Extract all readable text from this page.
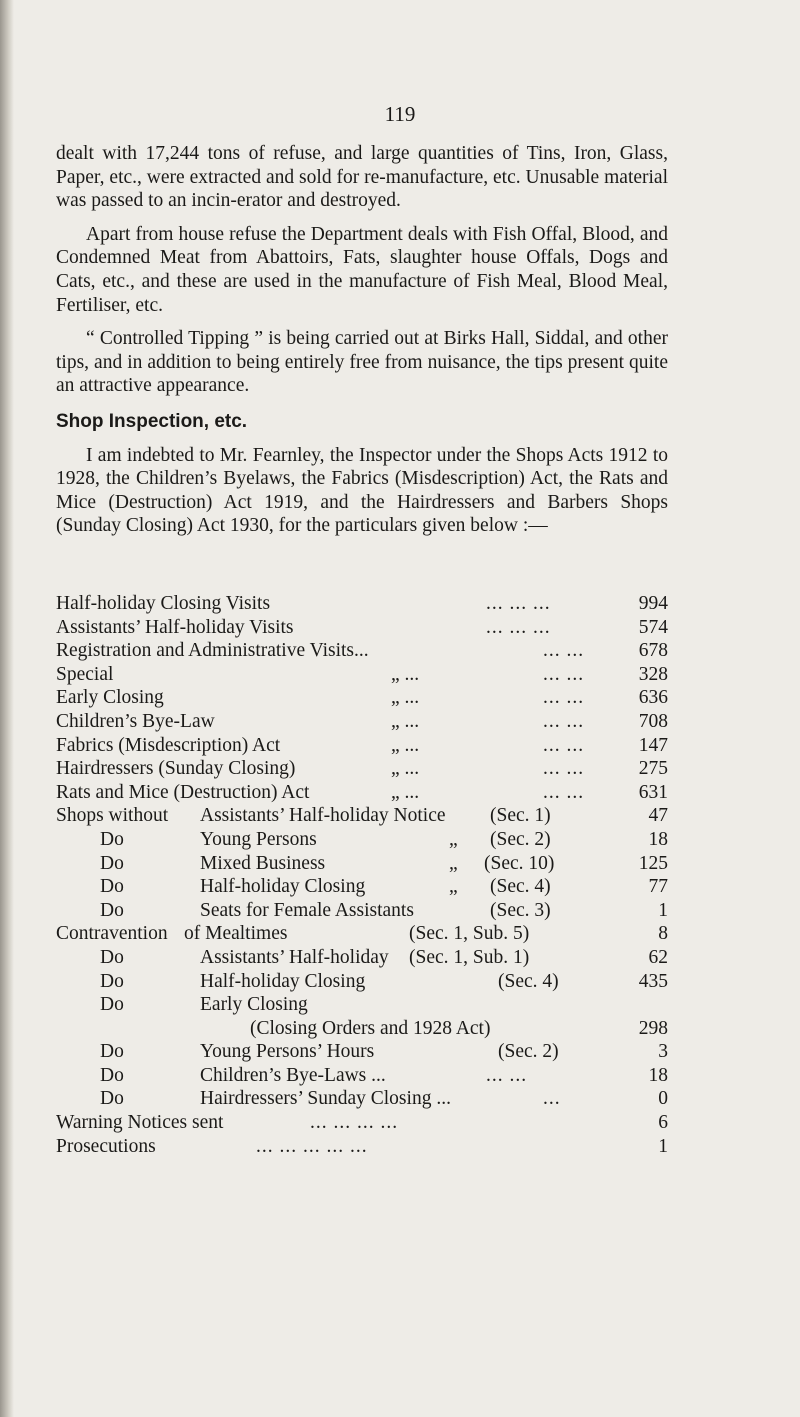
119

dealt with 17,244 tons of refuse, and large quantities of Tins, Iron, Glass, Paper, etc., were extracted and sold for re-manufacture, etc. Unusable material was passed to an incin-erator and destroyed.

Apart from house refuse the Department deals with Fish Offal, Blood, and Condemned Meat from Abattoirs, Fats, slaughter house Offals, Dogs and Cats, etc., and these are used in the manufacture of Fish Meal, Blood Meal, Fertiliser, etc.

“ Controlled Tipping ” is being carried out at Birks Hall, Siddal, and other tips, and in addition to being entirely free from nuisance, the tips present quite an attractive appearance.

Shop Inspection, etc.

I am indebted to Mr. Fearnley, the Inspector under the Shops Acts 1912 to 1928, the Children’s Byelaws, the Fabrics (Misdescription) Act, the Rats and Mice (Destruction) Act 1919, and the Hairdressers and Barbers Shops (Sunday Closing) Act 1930, for the particulars given below :—

Half-holiday Closing Visits	... ... ...	994
Assistants’ Half-holiday Visits	... ... ...	574
Registration and Administrative Visits...	... ...	678
Special	„ ...	... ...	328
Early Closing	„ ...	... ...	636
Children’s Bye-Law	„ ...	... ...	708
Fabrics (Misdescription) Act	„ ...	... ...	147
Hairdressers (Sunday Closing)	„ ...	... ...	275
Rats and Mice (Destruction) Act	„ ...	... ...	631
Shops without Assistants’ Half-holiday Notice (Sec. 1)	47
Do	Young Persons	„ (Sec. 2)	18
Do	Mixed Business	„ (Sec. 10)	125
Do	Half-holiday Closing	„ (Sec. 4)	77
Do	Seats for Female Assistants	(Sec. 3)	1
Contravention of Mealtimes	(Sec. 1, Sub. 5)	8
Do	Assistants’ Half-holiday (Sec. 1, Sub. 1)	62
Do	Half-holiday Closing	(Sec. 4)	435
Do	Early Closing
(Closing Orders and 1928 Act)	298
Do	Young Persons’ Hours	(Sec. 2)	3
Do	Children’s Bye-Laws ...	... ...	18
Do	Hairdressers’ Sunday Closing ...	...	0
Warning Notices sent	... ... ... ...	6
Prosecutions	... ... ... ... ...	1
